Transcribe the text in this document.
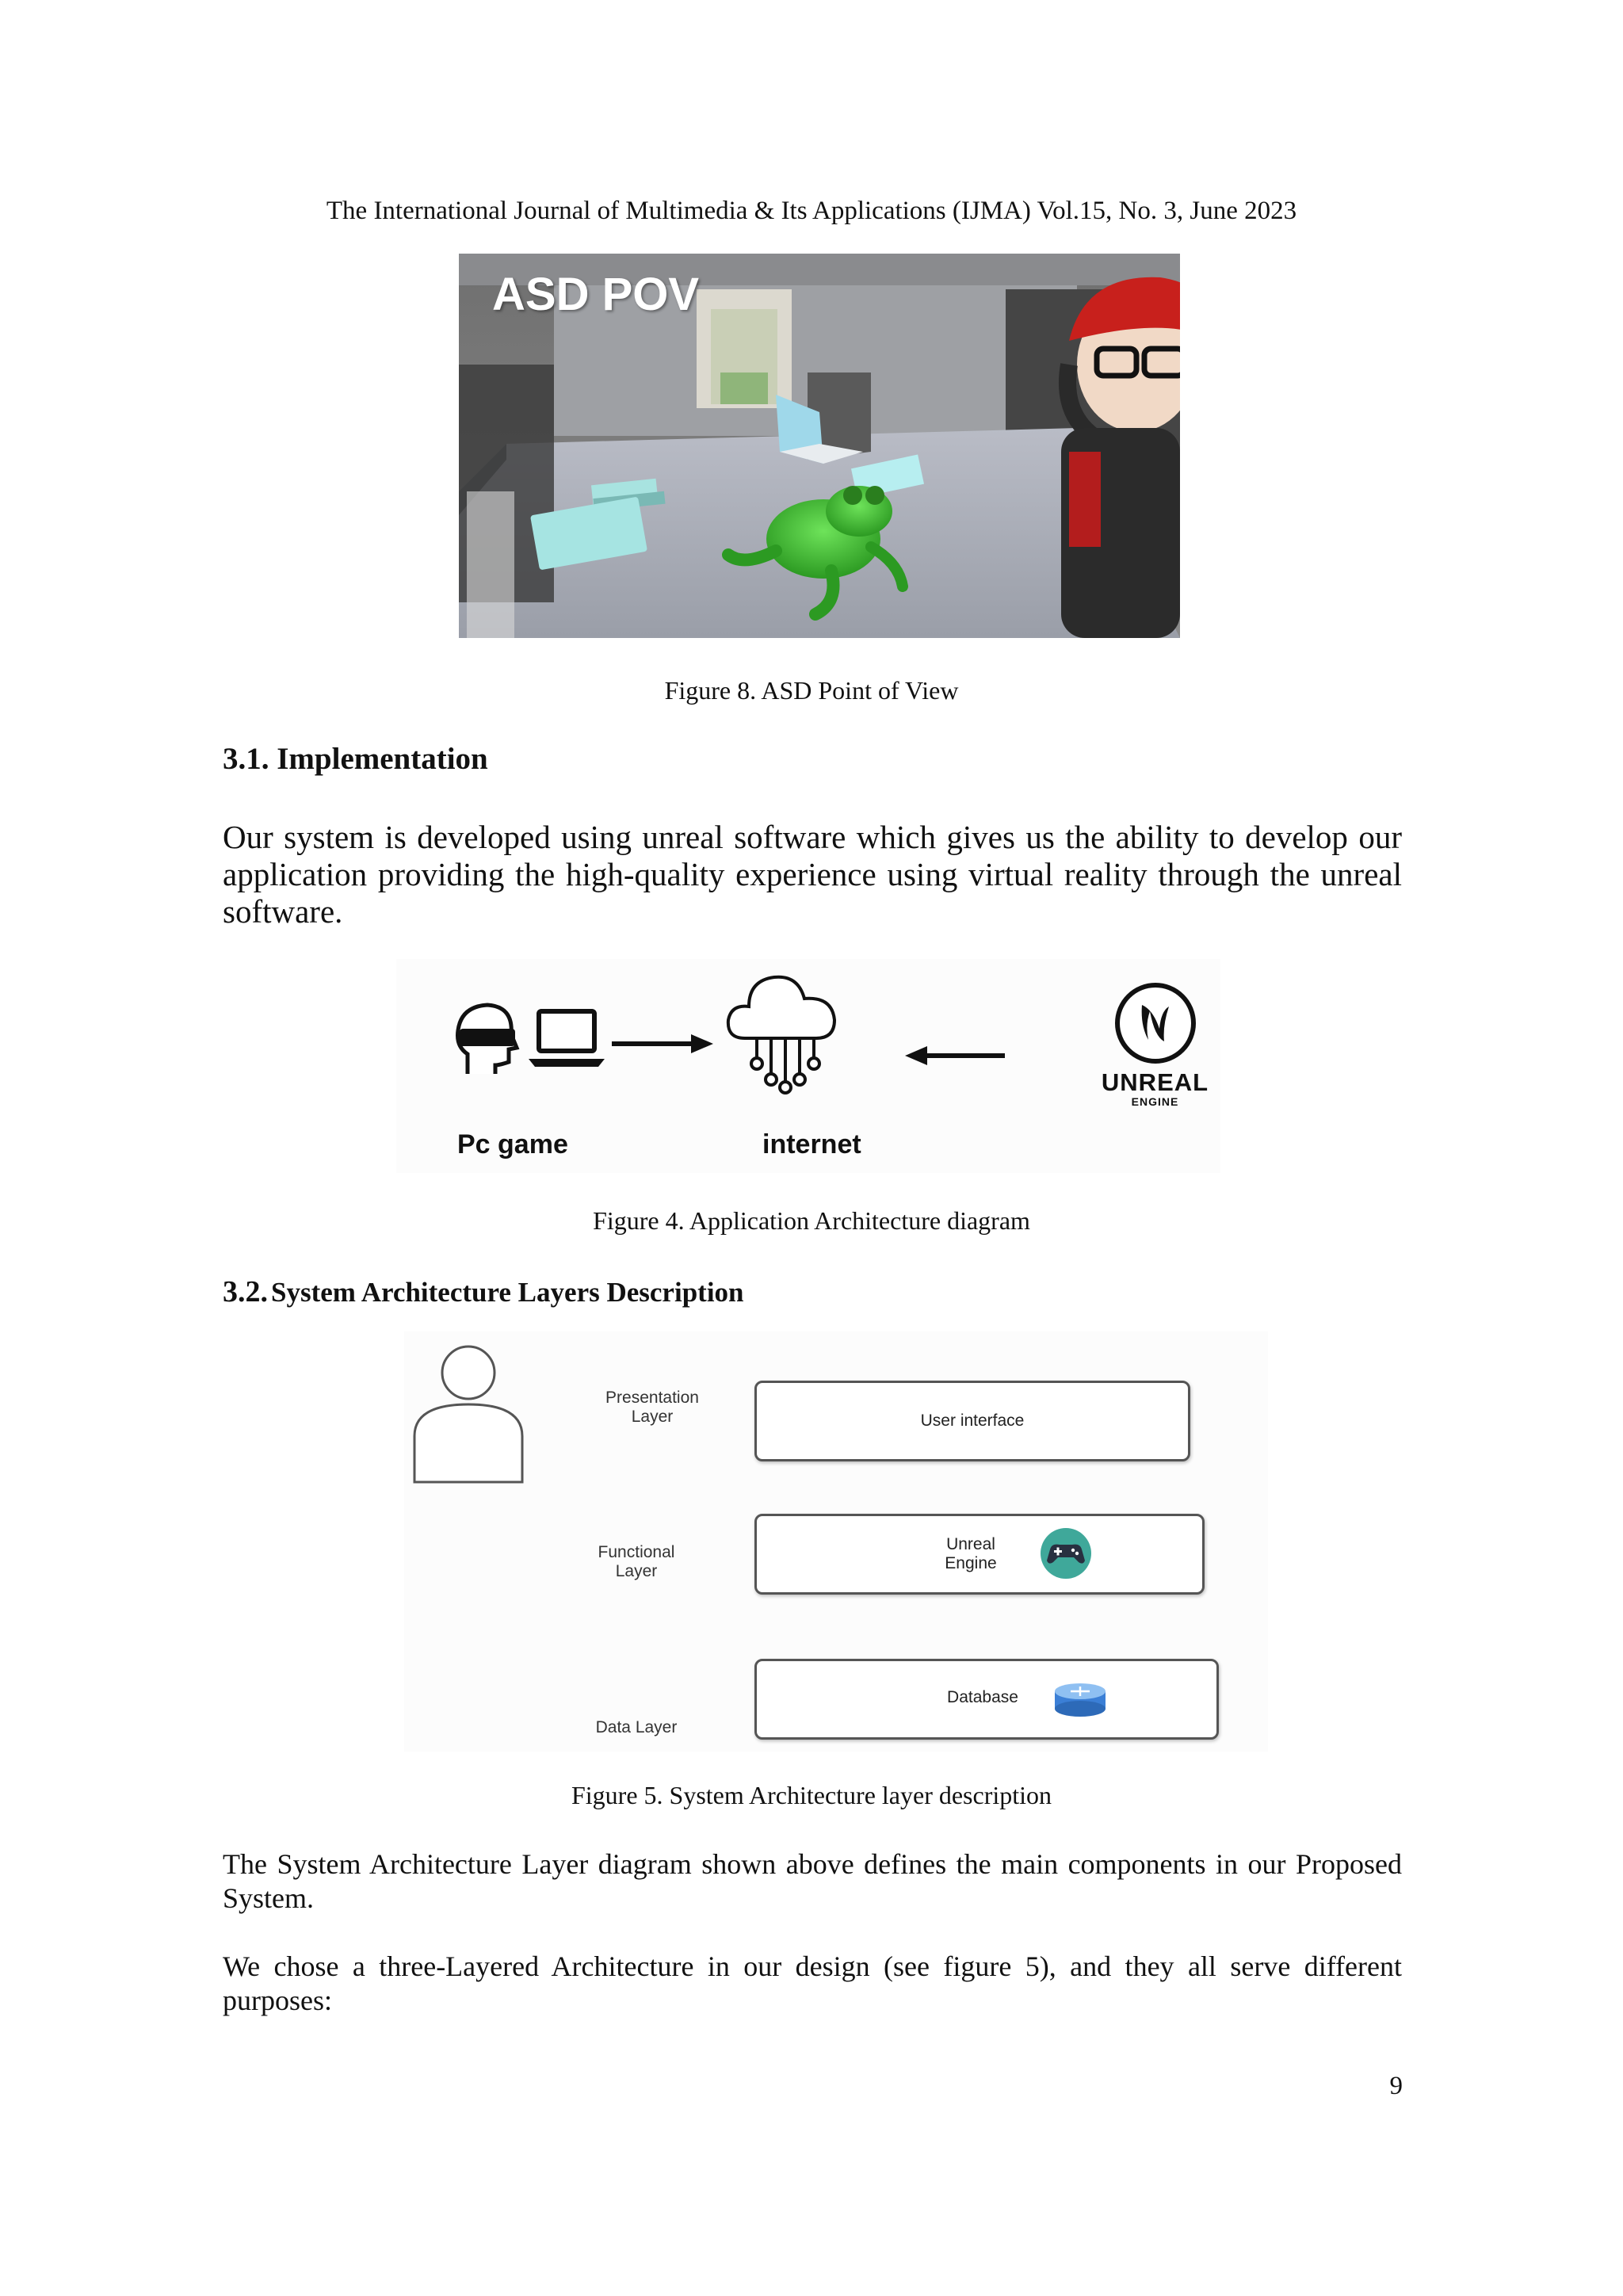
The International Journal of Multimedia & Its Applications (IJMA) Vol.15, No. 3, June 2023
ASD POV
Figure 8. ASD Point of View
3.1. Implementation
Our system is developed using unreal software which gives us the ability to develop our application providing the high-quality experience using virtual reality through the unreal software.
UNREAL
ENGINE
Pc game	internet
Figure 4. Application Architecture diagram
3.2. System Architecture Layers Description
Presentation
Layer
Functional
Layer
Data Layer
User interface
Unreal
Engine
Database
Figure 5. System Architecture layer description
The System Architecture Layer diagram shown above defines the main components in our Proposed System.
We chose a three-Layered Architecture in our design (see figure 5), and they all serve different purposes:
9
